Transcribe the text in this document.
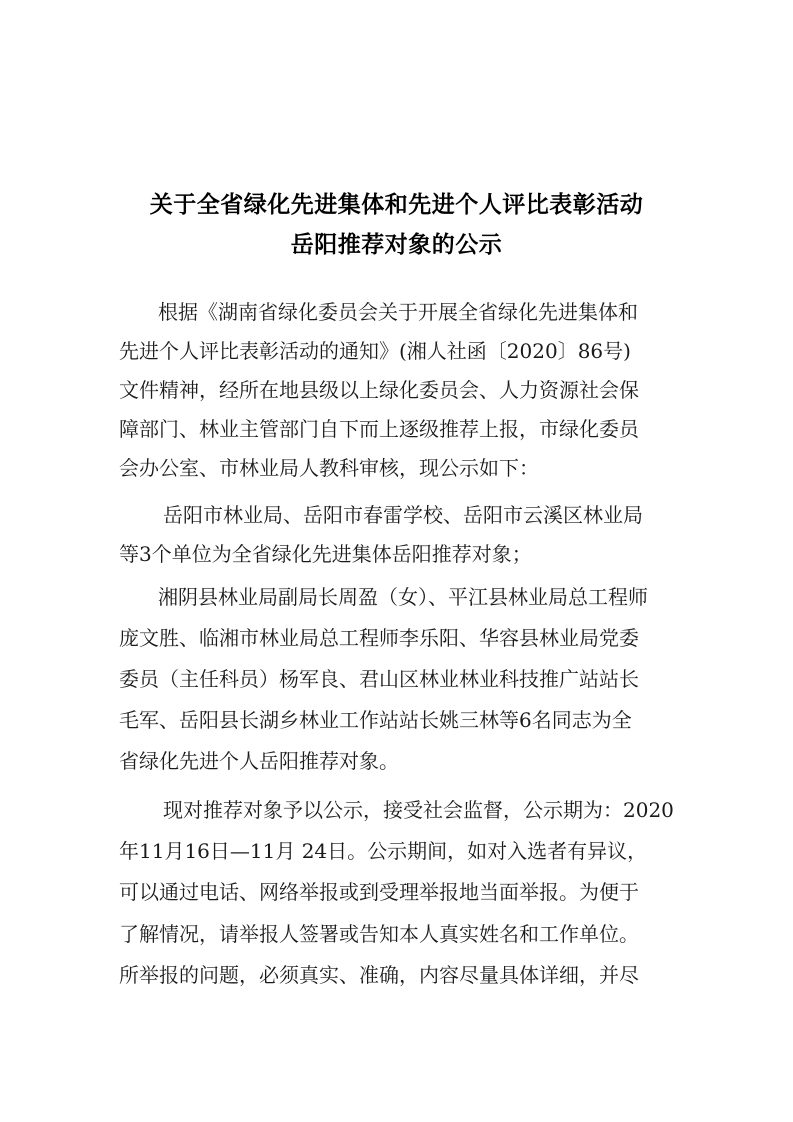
关于全省绿化先进集体和先进个人评比表彰活动
岳阳推荐对象的公示
根据《湖南省绿化委员会关于开展全省绿化先进集体和
先进个人评比表彰活动的通知》(湘人社函〔2020〕86号)
文件精神，经所在地县级以上绿化委员会、人力资源社会保
障部门、林业主管部门自下而上逐级推荐上报，市绿化委员
会办公室、市林业局人教科审核，现公示如下：
岳阳市林业局、岳阳市春雷学校、岳阳市云溪区林业局
等3个单位为全省绿化先进集体岳阳推荐对象；
湘阴县林业局副局长周盈（女）、平江县林业局总工程师
庞文胜、临湘市林业局总工程师李乐阳、华容县林业局党委
委员（主任科员）杨军良、君山区林业林业科技推广站站长
毛军、岳阳县长湖乡林业工作站站长姚三林等6名同志为全
省绿化先进个人岳阳推荐对象。
现对推荐对象予以公示，接受社会监督，公示期为：2020
年11月16日—11月 24日。公示期间，如对入选者有异议，
可以通过电话、网络举报或到受理举报地当面举报。为便于
了解情况，请举报人签署或告知本人真实姓名和工作单位。
所举报的问题，必须真实、准确，内容尽量具体详细，并尽
